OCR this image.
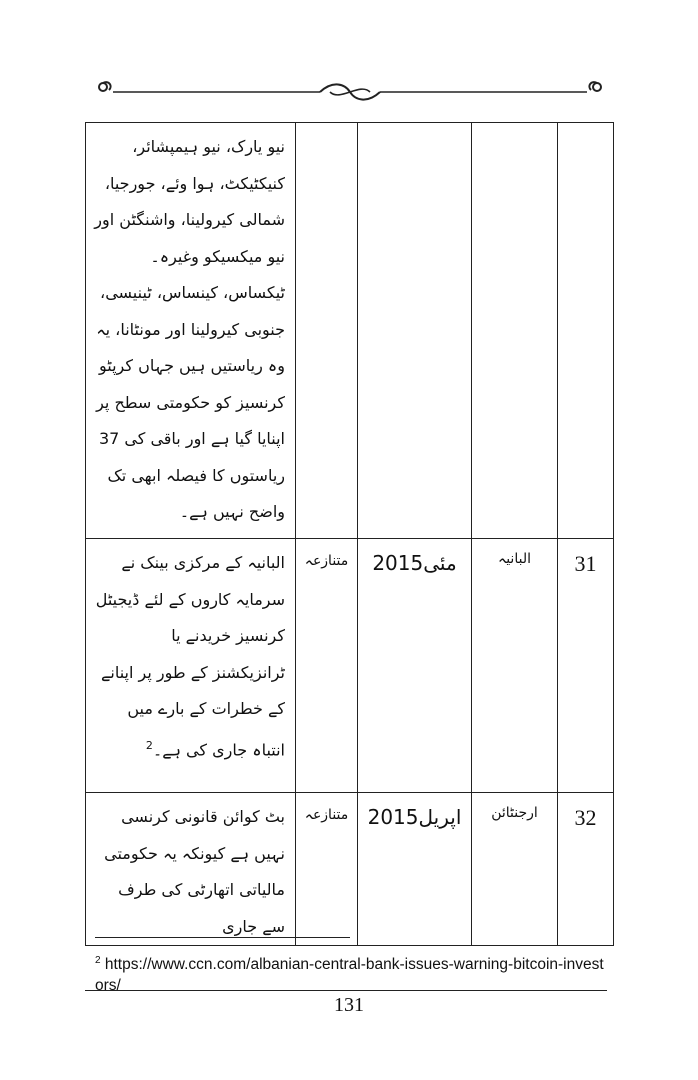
				نیو یارک، نیو ہیمپشائر، کنیکٹیکٹ، ہوا وئے، جورجیا، شمالی کیرولینا، واشنگٹن اور نیو میکسیکو وغیرہ۔ ٹیکساس، کینساس، ٹینیسی، جنوبی کیرولینا اور مونٹانا، یہ وہ ریاستیں ہیں جہاں کرپٹو کرنسیز کو حکومتی سطح پر اپنایا گیا ہے اور باقی کی 37 ریاستوں کا فیصلہ ابھی تک واضح نہیں ہے۔

31	البانیہ	مئی2015	متنازعہ	البانیہ کے مرکزی بینک نے سرمایہ کاروں کے لئے ڈیجیٹل کرنسیز خریدنے یا ٹرانزیکشنز کے طور پر اپنانے کے خطرات کے بارے میں انتباہ جاری کی ہے۔$^2$

32	ارجنٹائن	اپریل2015	متنازعہ	بٹ کوائن قانونی کرنسی نہیں ہے کیونکہ یہ حکومتی مالیاتی اتھارٹی کی طرف سے جاری
$^2$ https://www.ccn.com/albanian-central-bank-issues-warning-bitcoin-investors/
131
